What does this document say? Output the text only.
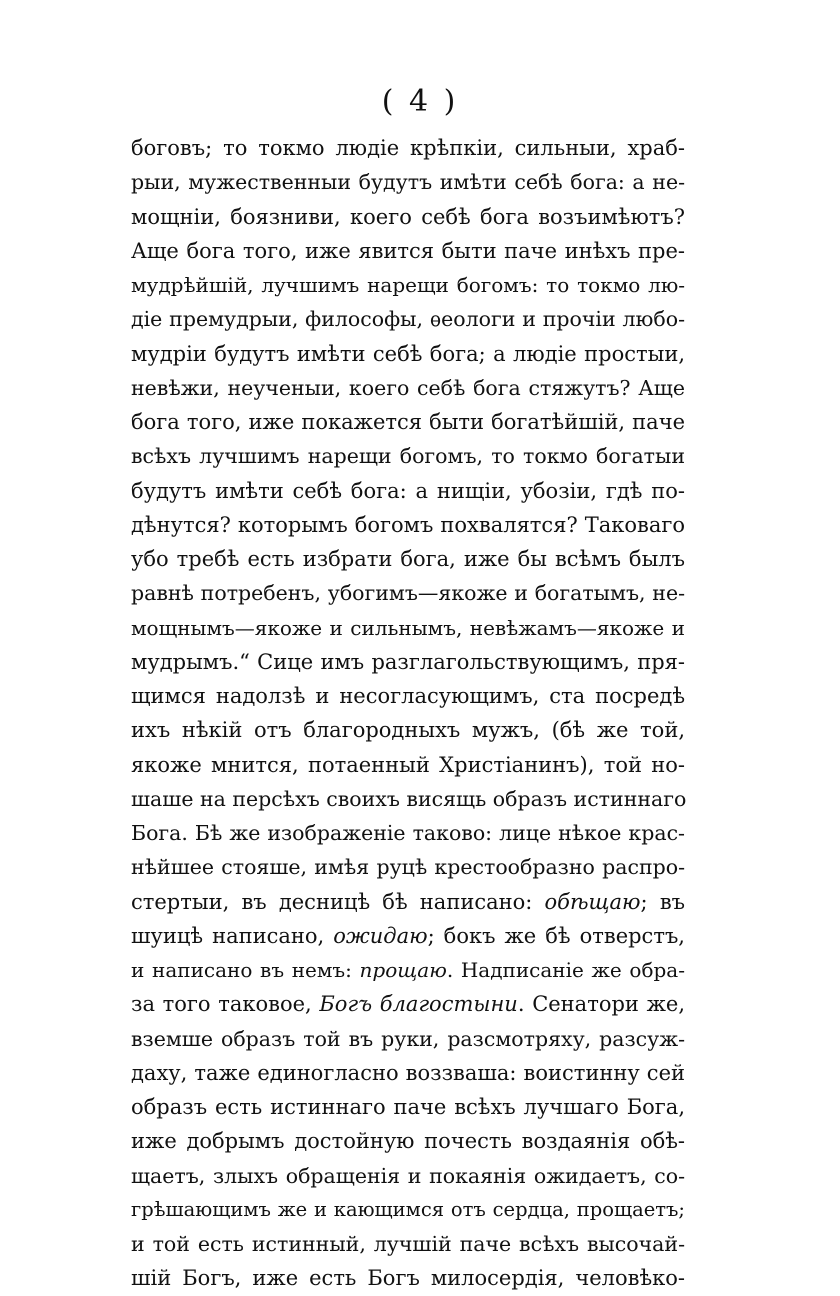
( 4 )
боговъ; то токмо людіе крѣпкіи, сильныи, храб-
рыи, мужественныи будутъ имѣти себѣ бога: а не-
мощніи, боязниви, коего себѣ бога возъимѣютъ?
Аще бога того, иже явится быти паче инѣхъ пре-
мудрѣйшій, лучшимъ нарещи богомъ: то токмо лю-
діе премудрыи, философы, ѳеологи и прочіи любо-
мудріи будутъ имѣти себѣ бога; а людіе простыи,
невѣжи, неученыи, коего себѣ бога стяжутъ? Аще
бога того, иже покажется быти богатѣйшій, паче
всѣхъ лучшимъ нарещи богомъ, то токмо богатыи
будутъ имѣти себѣ бога: а нищіи, убозіи, гдѣ по-
дѣнутся? которымъ богомъ похвалятся? Таковаго
убо требѣ есть избрати бога, иже бы всѣмъ былъ
равнѣ потребенъ, убогимъ—якоже и богатымъ, не-
мощнымъ—якоже и сильнымъ, невѣжамъ—якоже и
мудрымъ.“ Сице имъ разглагольствующимъ, пря-
щимся надолзѣ и несогласующимъ, ста посредѣ
ихъ нѣкій отъ благородныхъ мужъ, (бѣ же той,
якоже мнится, потаенный Христіанинъ), той но-
шаше на персѣхъ своихъ висящь образъ истиннаго
Бога. Бѣ же изображеніе таково: лице нѣкое крас-
нѣйшее стояше, имѣя руцѣ крестообразно распро-
стертыи, въ десницѣ бѣ написано: обѣщаю; въ
шуицѣ написано, ожидаю; бокъ же бѣ отверстъ,
и написано въ немъ: прощаю. Надписаніе же обра-
за того таковое, Богъ благостыни. Сенатори же,
вземше образъ той въ руки, разсмотряху, разсуж-
даху, таже единогласно воззваша: воистинну сей
образъ есть истиннаго паче всѣхъ лучшаго Бога,
иже добрымъ достойную почесть воздаянія обѣ-
щаетъ, злыхъ обращенія и покаянія ожидаетъ, со-
грѣшающимъ же и кающимся отъ сердца, прощаетъ;
и той есть истинный, лучшій паче всѣхъ высочай-
шій Богъ, иже есть Богъ милосердія, человѣко-
